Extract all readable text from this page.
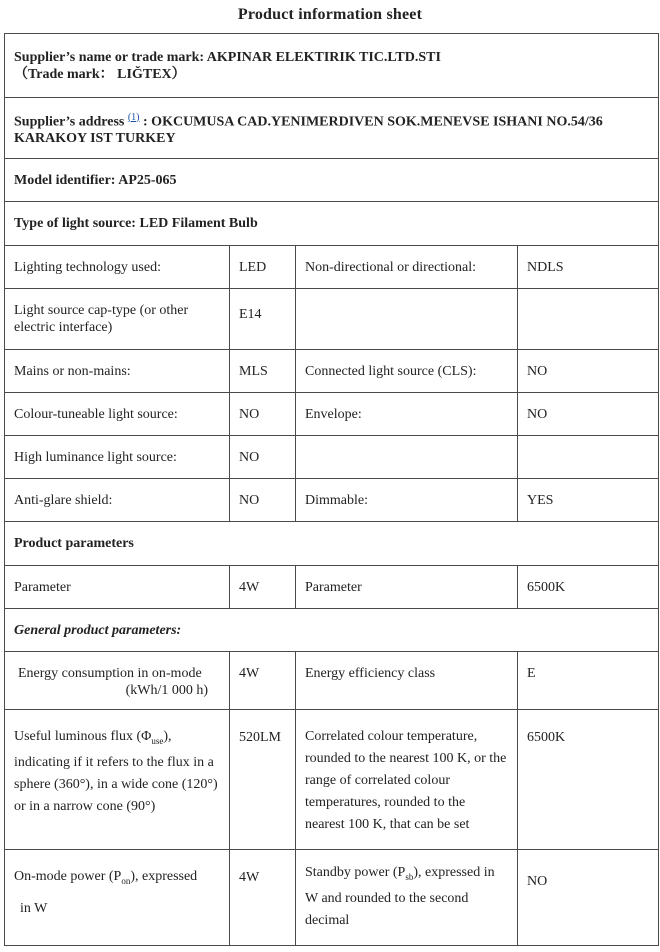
Product information sheet
Supplier’s name or trade mark: AKPINAR ELEKTIRIK TIC.LTD.STI
（Trade mark： LIĞTEX）			
Supplier’s address $^{(1)}$ : OKCUMUSA CAD.YENIMERDIVEN SOK.MENEVSE ISHANI NO.54/36 KARAKOY IST TURKEY			
Model identifier: AP25-065			
Type of light source: LED Filament Bulb			
Lighting technology used:	LED	Non-directional or directional:	NDLS
Light source cap-type (or other electric interface)	E14		
Mains or non-mains:	MLS	Connected light source (CLS):	NO
Colour-tuneable light source:	NO	Envelope:	NO
High luminance light source:	NO		
Anti-glare shield:	NO	Dimmable:	YES
Product parameters			
Parameter	4W	Parameter	6500K
General product parameters:			

Energy consumption in on-mode
(kWh/1 000 h)	4W	Energy efficiency class	E
Useful luminous flux $(\Phi_{use})$, indicating if it refers to the flux in a sphere (360°), in a wide cone (120°) or in a narrow cone (90°)	520LM	Correlated colour temperature, rounded to the nearest 100 K, or the range of correlated colour temperatures, rounded to the nearest 100 K, that can be set	6500K
On-mode power $(P_{on})$, expressed
in W	4W	Standby power $(P_{sb})$, expressed in W and rounded to the second decimal	NO
